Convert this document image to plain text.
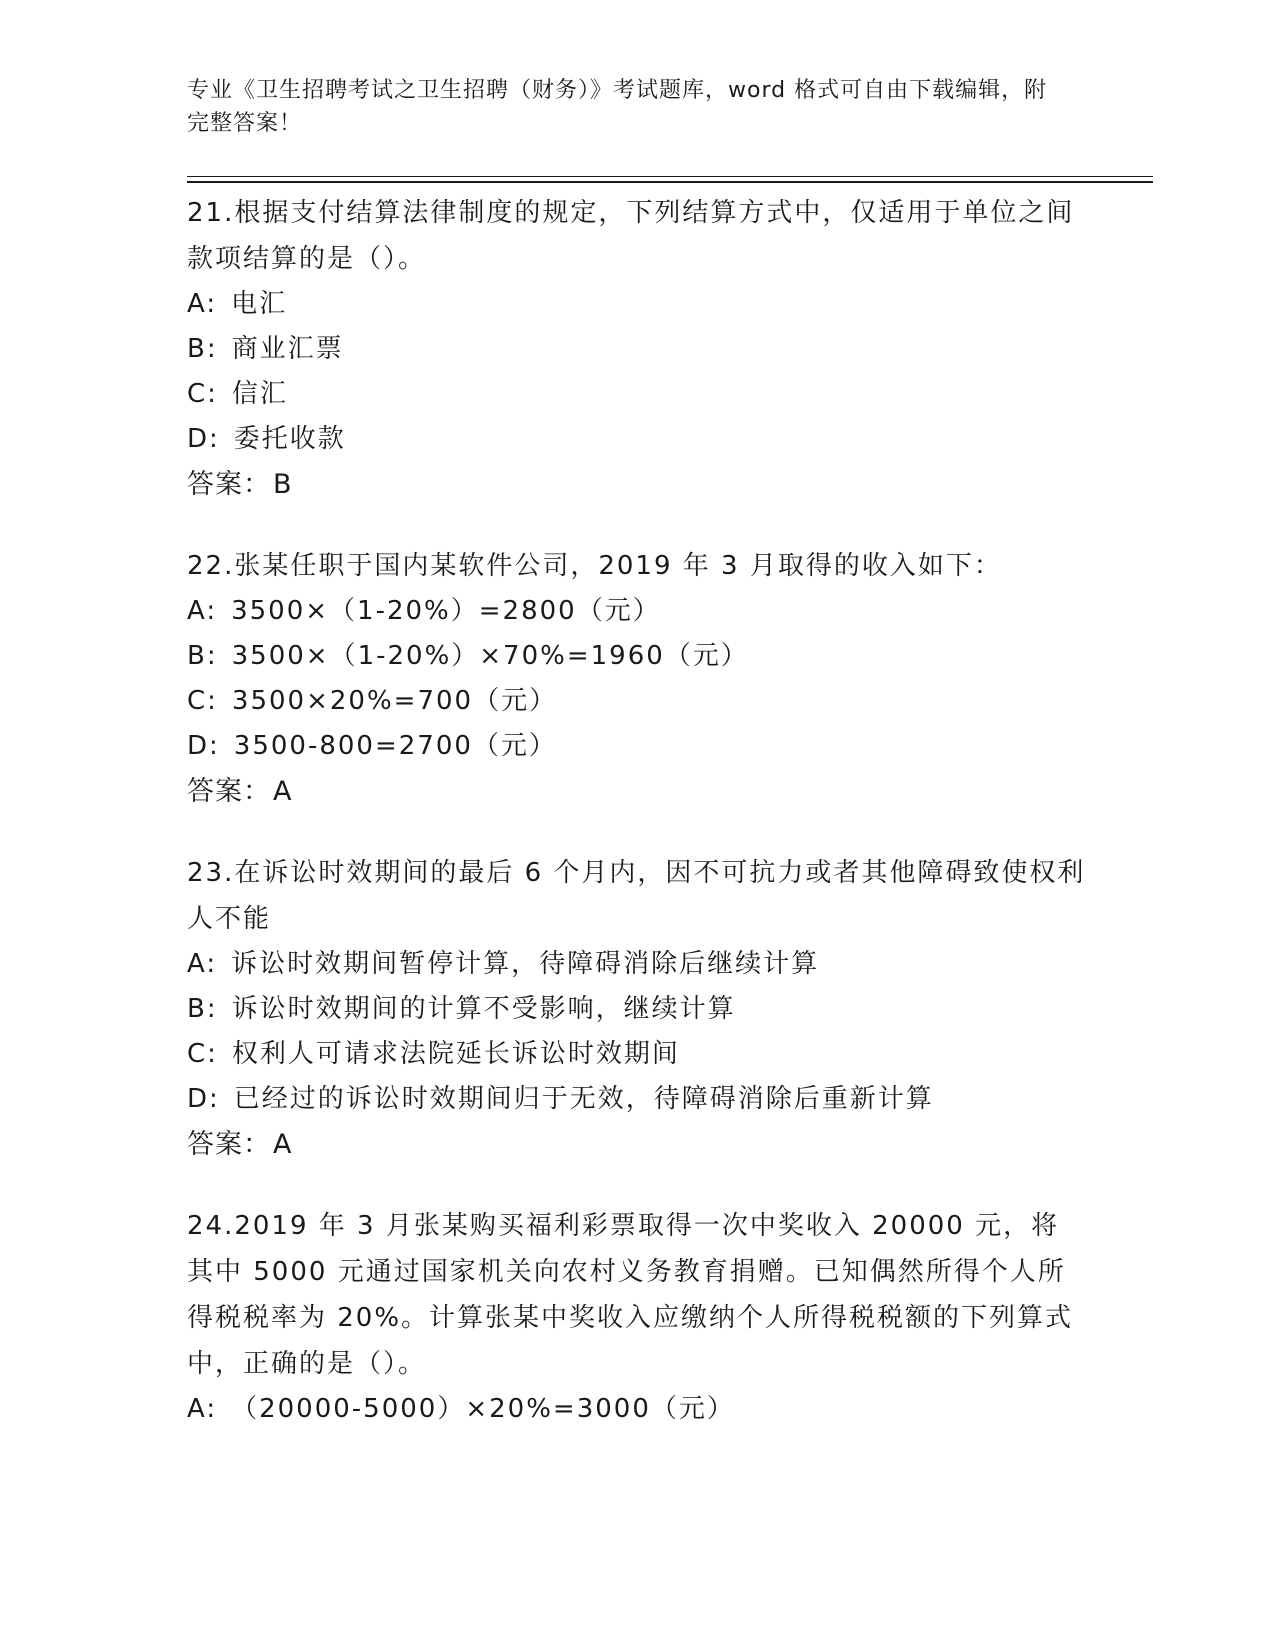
专业《卫生招聘考试之卫生招聘（财务）》考试题库，word 格式可自由下载编辑，附完整答案！

21.根据支付结算法律制度的规定，下列结算方式中，仅适用于单位之间款项结算的是（）。

A: 电汇
B: 商业汇票
C: 信汇
D: 委托收款
答案：B

22.张某任职于国内某软件公司，2019 年 3 月取得的收入如下：

A: 3500×（1-20%）=2800（元）
B: 3500×（1-20%）×70%=1960（元）
C: 3500×20%=700（元）
D: 3500-800=2700（元）
答案：A

23.在诉讼时效期间的最后 6 个月内，因不可抗力或者其他障碍致使权利人不能

A: 诉讼时效期间暂停计算，待障碍消除后继续计算
B: 诉讼时效期间的计算不受影响，继续计算
C: 权利人可请求法院延长诉讼时效期间
D: 已经过的诉讼时效期间归于无效，待障碍消除后重新计算
答案：A

24.2019 年 3 月张某购买福利彩票取得一次中奖收入 20000 元，将其中 5000 元通过国家机关向农村义务教育捐赠。已知偶然所得个人所得税税率为 20%。计算张某中奖收入应缴纳个人所得税税额的下列算式中，正确的是（）。

A: （20000-5000）×20%=3000（元）
